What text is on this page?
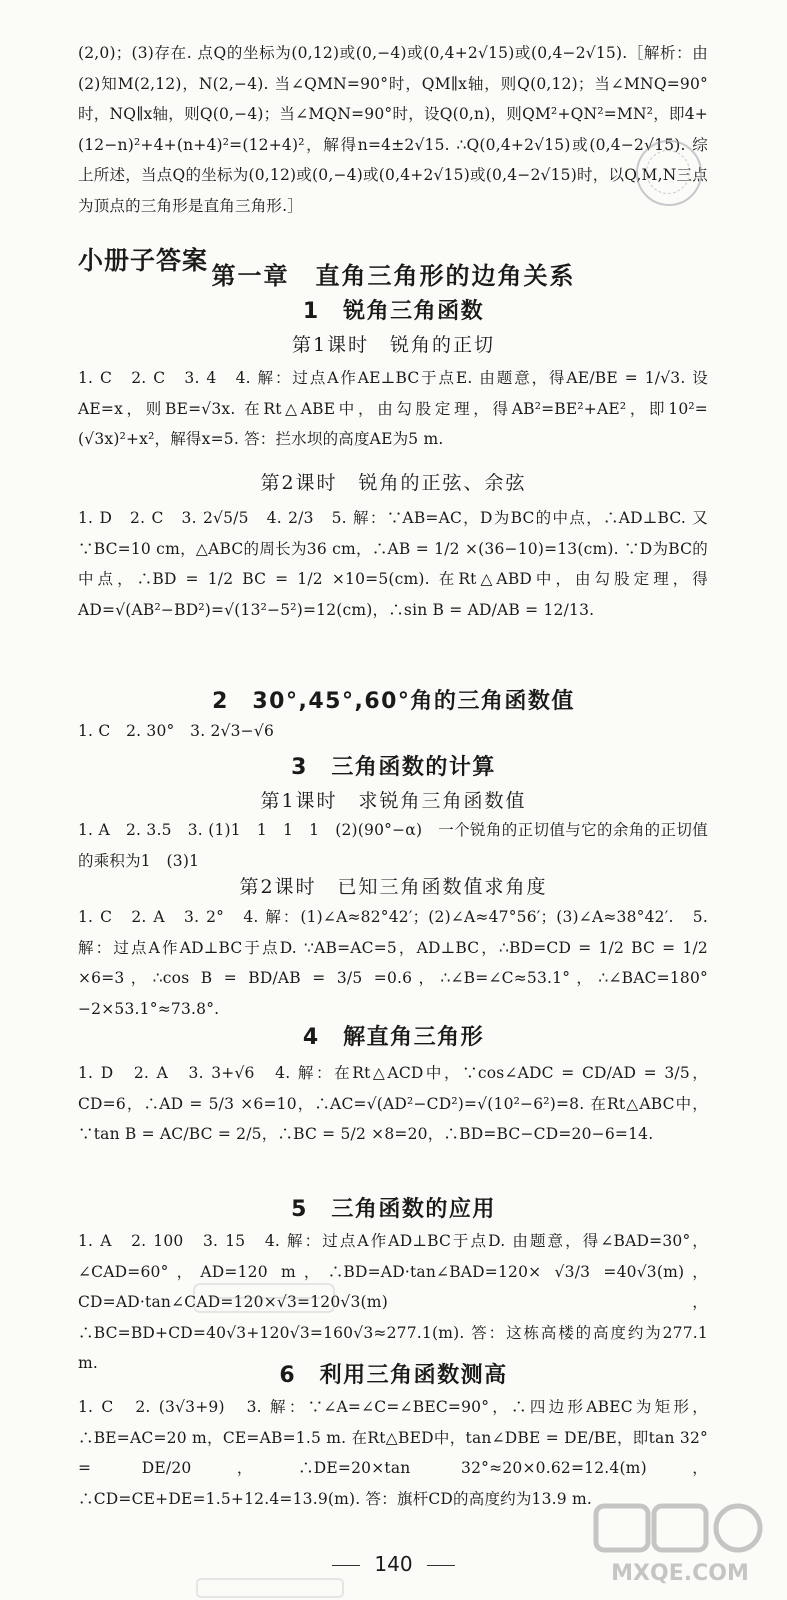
(2,0)；(3)存在. 点Q的坐标为(0,12)或(0,−4)或(0,4+2√15)或(0,4−2√15).［解析：由(2)知M(2,12)，N(2,−4). 当∠QMN=90°时，QM∥x轴，则Q(0,12)；当∠MNQ=90°时，NQ∥x轴，则Q(0,−4)；当∠MQN=90°时，设Q(0,n)，则QM²+QN²=MN²，即4+(12−n)²+4+(n+4)²=(12+4)²，解得n=4±2√15. ∴Q(0,4+2√15)或(0,4−2√15). 综上所述，当点Q的坐标为(0,12)或(0,−4)或(0,4+2√15)或(0,4−2√15)时，以Q,M,N三点为顶点的三角形是直角三角形.］
小册子答案
第一章　直角三角形的边角关系
1　锐角三角函数
第1课时　锐角的正切
1. C　2. C　3. 4　4. 解：过点A作AE⊥BC于点E. 由题意，得AE/BE = 1/√3. 设AE=x，则BE=√3x. 在Rt△ABE中，由勾股定理，得AB²=BE²+AE²，即10²=(√3x)²+x²，解得x=5. 答：拦水坝的高度AE为5 m.
第2课时　锐角的正弦、余弦
1. D　2. C　3. 2√5/5　4. 2/3　5. 解：∵AB=AC，D为BC的中点，∴AD⊥BC. 又∵BC=10 cm，△ABC的周长为36 cm，∴AB = 1/2 ×(36−10)=13(cm). ∵D为BC的中点，∴BD = 1/2 BC = 1/2 ×10=5(cm). 在Rt△ABD中，由勾股定理，得AD=√(AB²−BD²)=√(13²−5²)=12(cm)，∴sin B = AD/AB = 12/13.
2　30°,45°,60°角的三角函数值
1. C　2. 30°　3. 2√3−√6
3　三角函数的计算
第1课时　求锐角三角函数值
1. A　2. 3.5　3. (1)1　1　1　1　(2)(90°−α)　一个锐角的正切值与它的余角的正切值的乘积为1　(3)1
第2课时　已知三角函数值求角度
1. C　2. A　3. 2°　4. 解：(1)∠A≈82°42′；(2)∠A≈47°56′；(3)∠A≈38°42′.　5. 解：过点A作AD⊥BC于点D. ∵AB=AC=5，AD⊥BC，∴BD=CD = 1/2 BC = 1/2 ×6=3，∴cos B = BD/AB = 3/5 =0.6，∴∠B=∠C≈53.1°，∴∠BAC=180°−2×53.1°≈73.8°.
4　解直角三角形
1. D　2. A　3. 3+√6　4. 解：在Rt△ACD中，∵cos∠ADC = CD/AD = 3/5，CD=6，∴AD = 5/3 ×6=10，∴AC=√(AD²−CD²)=√(10²−6²)=8. 在Rt△ABC中，∵tan B = AC/BC = 2/5，∴BC = 5/2 ×8=20，∴BD=BC−CD=20−6=14.
5　三角函数的应用
1. A　2. 100　3. 15　4. 解：过点A作AD⊥BC于点D. 由题意，得∠BAD=30°，∠CAD=60°，AD=120 m，∴BD=AD·tan∠BAD=120× √3/3 =40√3(m)，CD=AD·tan∠CAD=120×√3=120√3(m)，∴BC=BD+CD=40√3+120√3=160√3≈277.1(m). 答：这栋高楼的高度约为277.1 m.	6　利用三角函数测高
1. C　2. (3√3+9)　3. 解：∵∠A=∠C=∠BEC=90°，∴四边形ABEC为矩形，∴BE=AC=20 m，CE=AB=1.5 m. 在Rt△BED中，tan∠DBE = DE/BE，即tan 32° = DE/20，∴DE=20×tan 32°≈20×0.62=12.4(m)，∴CD=CE+DE=1.5+12.4=13.9(m). 答：旗杆CD的高度约为13.9 m.
140	MXQE.COM
